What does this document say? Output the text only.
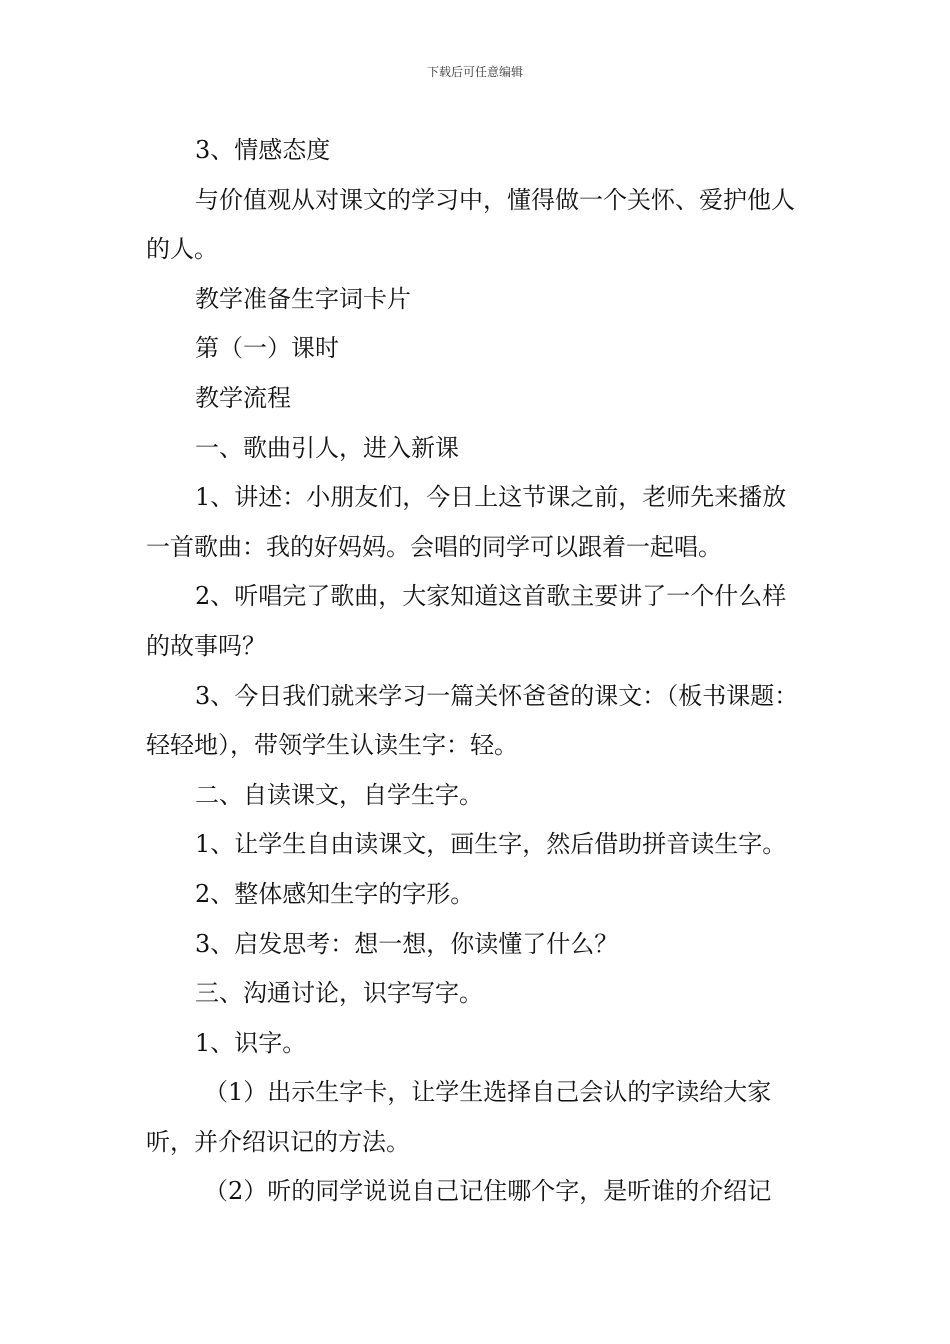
下载后可任意编辑

3、情感态度

与价值观从对课文的学习中，懂得做一个关怀、爱护他人的人。

教学准备生字词卡片

第（一）课时

教学流程

一、歌曲引人，进入新课

1、讲述：小朋友们，今日上这节课之前，老师先来播放一首歌曲：我的好妈妈。会唱的同学可以跟着一起唱。

2、听唱完了歌曲，大家知道这首歌主要讲了一个什么样的故事吗？

3、今日我们就来学习一篇关怀爸爸的课文：（板书课题：轻轻地），带领学生认读生字：轻。

二、自读课文，自学生字。

1、让学生自由读课文，画生字，然后借助拼音读生字。

2、整体感知生字的字形。

3、启发思考：想一想，你读懂了什么？

三、沟通讨论，识字写字。

1、识字。

（1）出示生字卡，让学生选择自己会认的字读给大家听，并介绍识记的方法。

（2）听的同学说说自己记住哪个字，是听谁的介绍记
